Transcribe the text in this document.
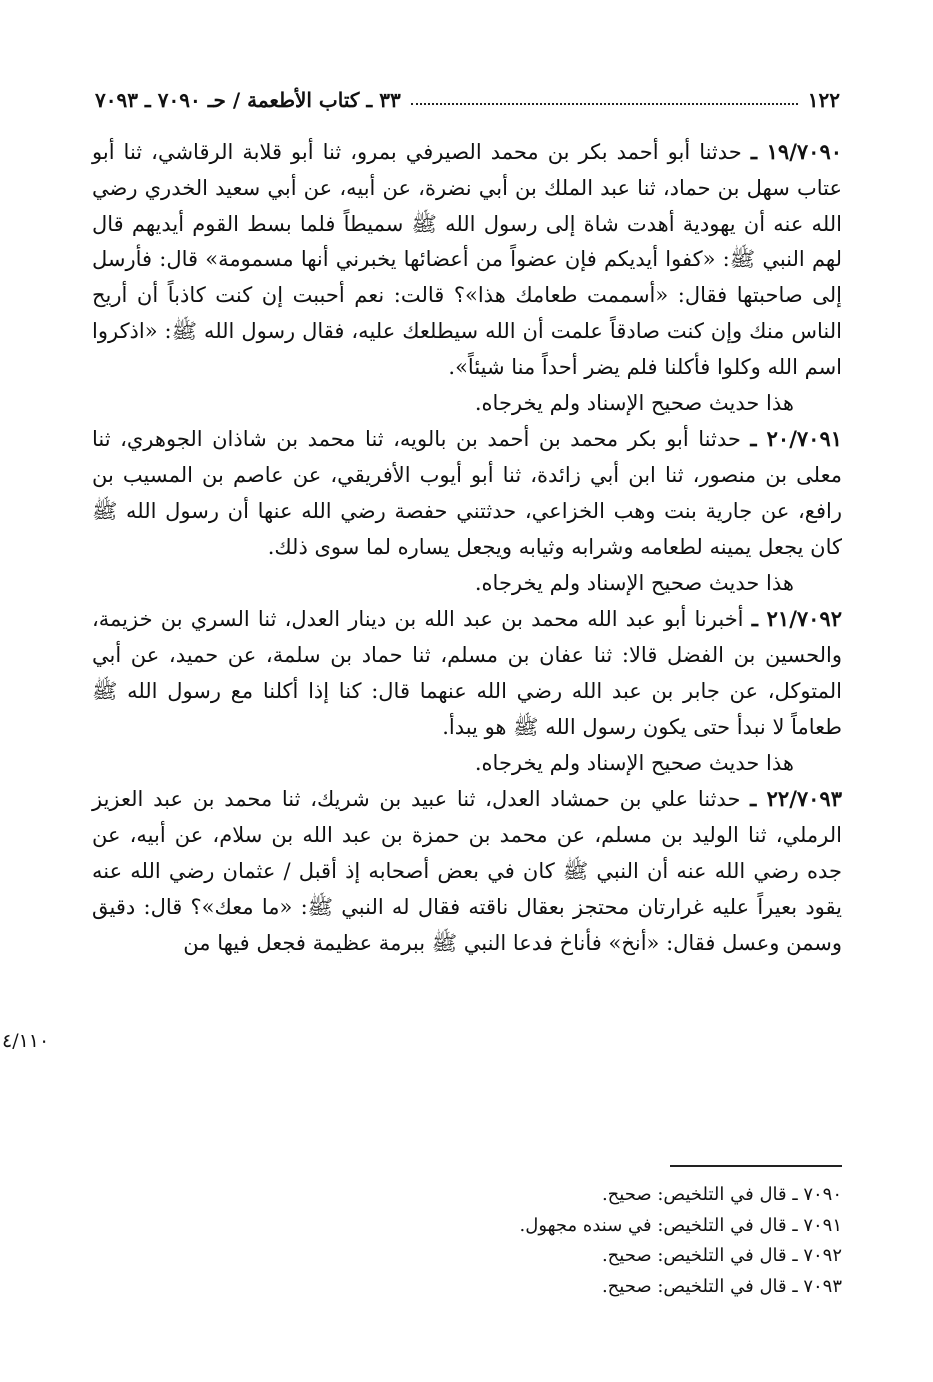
١٢٢
٣٣ ـ كتاب الأطعمة / حـ ٧٠٩٠ ـ ٧٠٩٣

١٩/٧٠٩٠ ـ حدثنا أبو أحمد بكر بن محمد الصيرفي بمرو، ثنا أبو قلابة الرقاشي، ثنا أبو عتاب سهل بن حماد، ثنا عبد الملك بن أبي نضرة، عن أبيه، عن أبي سعيد الخدري رضي الله عنه أن يهودية أهدت شاة إلى رسول الله ﷺ سميطاً فلما بسط القوم أيديهم قال لهم النبي ﷺ: «كفوا أيديكم فإن عضواً من أعضائها يخبرني أنها مسمومة» قال: فأرسل إلى صاحبتها فقال: «أسممت طعامك هذا»؟ قالت: نعم أحببت إن كنت كاذباً أن أريح الناس منك وإن كنت صادقاً علمت أن الله سيطلعك عليه، فقال رسول الله ﷺ: «اذكروا اسم الله وكلوا فأكلنا فلم يضر أحداً منا شيئاً».

هذا حديث صحيح الإسناد ولم يخرجاه.

٢٠/٧٠٩١ ـ حدثنا أبو بكر محمد بن أحمد بن بالويه، ثنا محمد بن شاذان الجوهري، ثنا معلى بن منصور، ثنا ابن أبي زائدة، ثنا أبو أيوب الأفريقي، عن عاصم بن المسيب بن رافع، عن جارية بنت وهب الخزاعي، حدثتني حفصة رضي الله عنها أن رسول الله ﷺ كان يجعل يمينه لطعامه وشرابه وثيابه ويجعل يساره لما سوى ذلك.

هذا حديث صحيح الإسناد ولم يخرجاه.

٢١/٧٠٩٢ ـ أخبرنا أبو عبد الله محمد بن عبد الله بن دينار العدل، ثنا السري بن خزيمة، والحسين بن الفضل قالا: ثنا عفان بن مسلم، ثنا حماد بن سلمة، عن حميد، عن أبي المتوكل، عن جابر بن عبد الله رضي الله عنهما قال: كنا إذا أكلنا مع رسول الله ﷺ طعاماً لا نبدأ حتى يكون رسول الله ﷺ هو يبدأ.

هذا حديث صحيح الإسناد ولم يخرجاه.

٢٢/٧٠٩٣ ـ حدثنا علي بن حمشاد العدل، ثنا عبيد بن شريك، ثنا محمد بن عبد العزيز الرملي، ثنا الوليد بن مسلم، عن محمد بن حمزة بن عبد الله بن سلام، عن أبيه، عن جده رضي الله عنه أن النبي ﷺ كان في بعض أصحابه إذ أقبل / عثمان رضي الله عنه يقود بعيراً عليه غرارتان محتجز بعقال ناقته فقال له النبي ﷺ: «ما معك»؟ قال: دقيق وسمن وعسل فقال: «أنخ» فأناخ فدعا النبي ﷺ ببرمة عظيمة فجعل فيها من

٤/١١٠

٧٠٩٠ ـ قال في التلخيص: صحيح.

٧٠٩١ ـ قال في التلخيص: في سنده مجهول.

٧٠٩٢ ـ قال في التلخيص: صحيح.

٧٠٩٣ ـ قال في التلخيص: صحيح.
